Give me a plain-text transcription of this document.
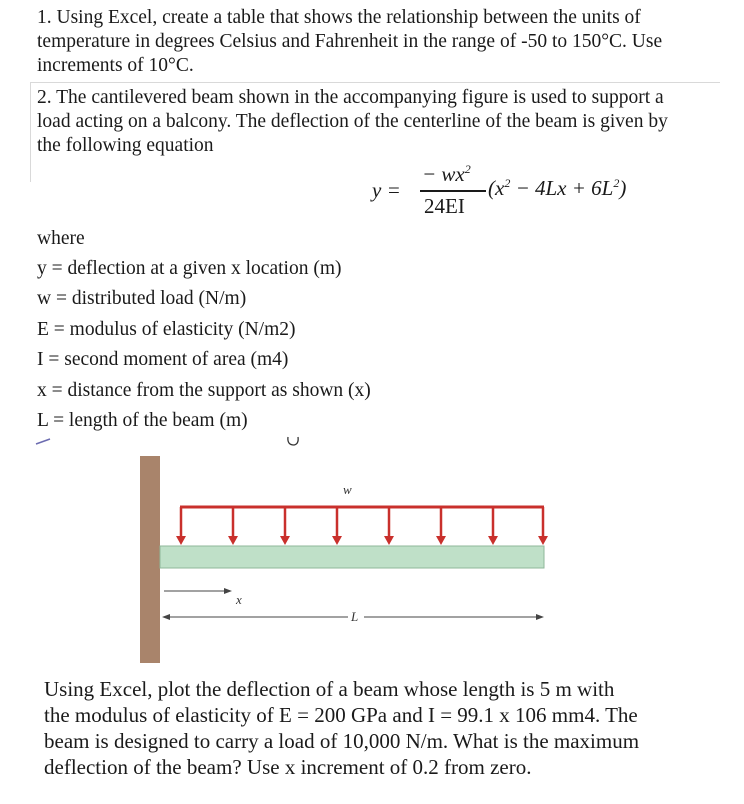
1. Using Excel, create a table that shows the relationship between the units of
temperature in degrees Celsius and Fahrenheit in the range of -50 to 150°C. Use
increments of 10°C.
2. The cantilevered beam shown in the accompanying figure is used to support a
load acting on a balcony. The deflection of the centerline of the beam is given by
the following equation
y =
− $wx^2$
24EI
$(x^2 - 4Lx + 6L^2)$
where
y = deflection at a given x location (m)
w = distributed load (N/m)
E = modulus of elasticity (N/m2)
I = second moment of area (m4)
x = distance from the support as shown (x)
L = length of the beam (m)
w
x
L
Using Excel, plot the deflection of a beam whose length is 5 m with
the modulus of elasticity of E = 200 GPa and I = 99.1 x 106 mm4. The
beam is designed to carry a load of 10,000 N/m. What is the maximum
deflection of the beam? Use x increment of 0.2 from zero.
